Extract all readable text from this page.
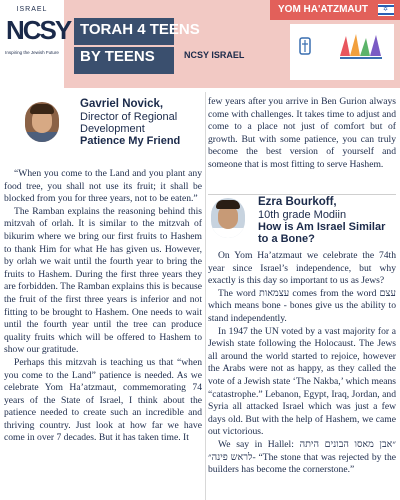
ISRAEL
NCSY
Inspiring the Jewish Future
TORAH 4 TEENS
BY TEENS	NCSY ISRAEL
YOM HA'ATZMAUT	✡
Gavriel Novick,
Director of Regional Development
Patience My Friend

“When you come to the Land and you plant any food tree, you shall not use its fruit; it shall be blocked from you for three years, not to be eaten.”

The Ramban explains the reasoning behind this mitzvah of orlah. It is similar to the mitzvah of bikurim where we bring our first fruits to Hashem to thank Him for what He has given us. However, by orlah we wait until the fourth year to bring the fruits to Hashem. During the first three years they are forbidden. The Ramban explains this is because the fruit of the first three years is inferior and not fitting to be brought to Hashem. One needs to wait until the fourth year until the tree can produce quality fruits which will be offered to Hashem to show our gratitude.

Perhaps this mitzvah is teaching us that “when you come to the Land” patience is needed. As we celebrate Yom Ha’atzmaut, commemorating 74 years of the State of Israel, I think about the patience needed to create such an incredible and thriving country. Just look at how far we have come in over 7 decades. But it has taken time. It

few years after you arrive in Ben Gurion always come with challenges. It takes time to adjust and come to a place not just of comfort but of growth. But with some patience, you can truly become the best version of yourself and someone that is most fitting to serve Hashem.

Ezra Bourkoff,
10th grade Modiin
How is Am Israel Similar to a Bone?

On Yom Ha’atzmaut we celebrate the 74th year since Israel’s independence, but why exactly is this day so important to us as Jews?

The word עצמאות comes from the word עצם which means bone - bones give us the ability to stand independently.

In 1947 the UN voted by a vast majority for a Jewish state following the Holocaust. The Jews all around the world started to rejoice, however the Arabs were not as happy, as they called the vote of a Jewish state ‘The Nakba,’ which means “catastrophe.” Lebanon, Egypt, Iraq, Jordan, and Syria all attacked Israel which was just a few days old. But with the help of Hashem, we came out victorious.

We say in Hallel: ״אבן מאסו הבונים היתה לראש פינה״- “The stone that was rejected by the builders has become the cornerstone.”
